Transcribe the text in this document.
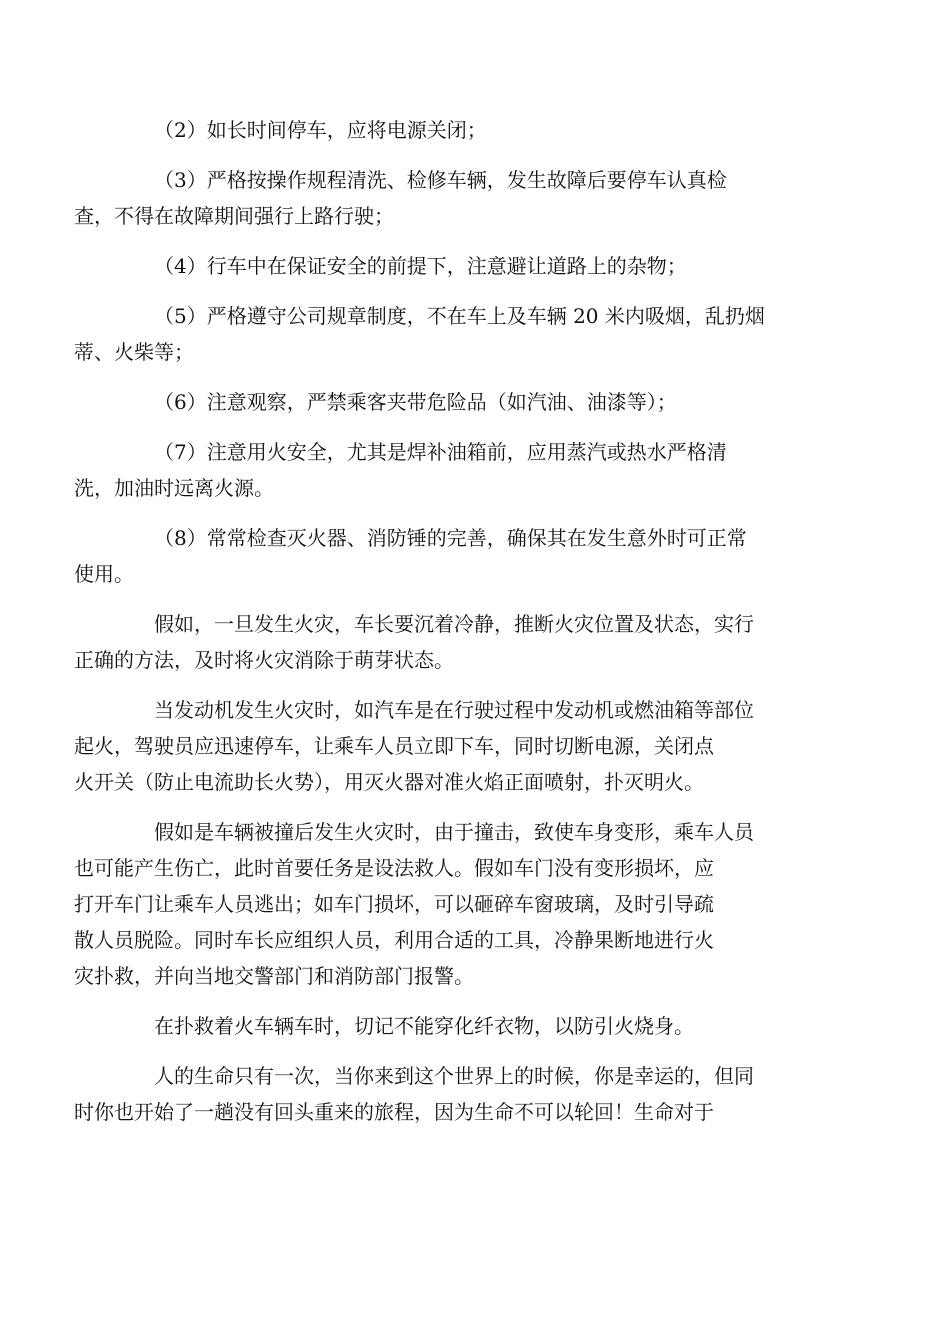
（2）如长时间停车，应将电源关闭；
（3）严格按操作规程清洗、检修车辆，发生故障后要停车认真检
查，不得在故障期间强行上路行驶；
（4）行车中在保证安全的前提下，注意避让道路上的杂物；
（5）严格遵守公司规章制度，不在车上及车辆 20 米内吸烟，乱扔烟
蒂、火柴等；
（6）注意观察，严禁乘客夹带危险品（如汽油、油漆等）；
（7）注意用火安全，尤其是焊补油箱前，应用蒸汽或热水严格清
洗，加油时远离火源。
（8）常常检查灭火器、消防锤的完善，确保其在发生意外时可正常
使用。
假如，一旦发生火灾，车长要沉着冷静，推断火灾位置及状态，实行
正确的方法，及时将火灾消除于萌芽状态。
当发动机发生火灾时，如汽车是在行驶过程中发动机或燃油箱等部位
起火，驾驶员应迅速停车，让乘车人员立即下车，同时切断电源，关闭点
火开关（防止电流助长火势），用灭火器对准火焰正面喷射，扑灭明火。
假如是车辆被撞后发生火灾时，由于撞击，致使车身变形，乘车人员
也可能产生伤亡，此时首要任务是设法救人。假如车门没有变形损坏，应
打开车门让乘车人员逃出；如车门损坏，可以砸碎车窗玻璃，及时引导疏
散人员脱险。同时车长应组织人员，利用合适的工具，冷静果断地进行火
灾扑救，并向当地交警部门和消防部门报警。
在扑救着火车辆车时，切记不能穿化纤衣物，以防引火烧身。
人的生命只有一次，当你来到这个世界上的时候，你是幸运的，但同
时你也开始了一趟没有回头重来的旅程，因为生命不可以轮回！生命对于
